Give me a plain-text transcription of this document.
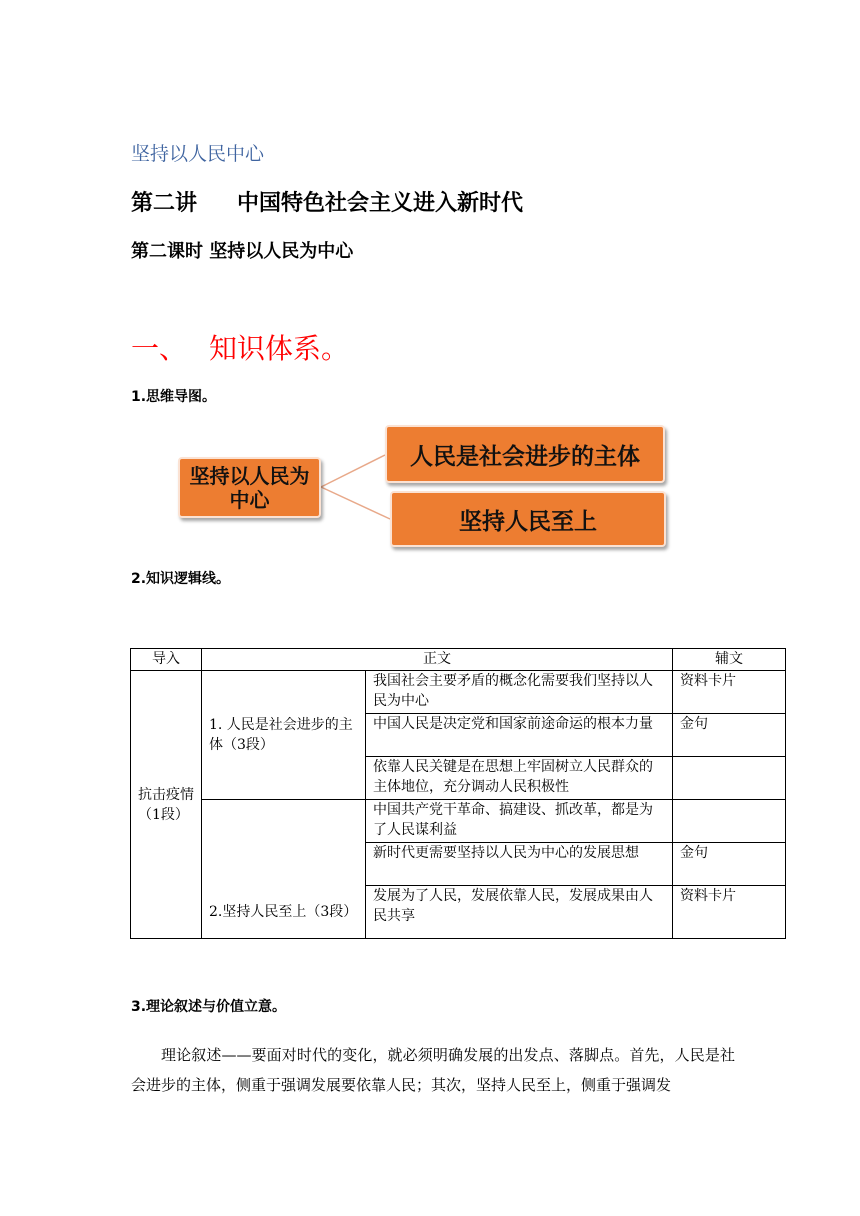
坚持以人民中心
第二讲 中国特色社会主义进入新时代
第二课时 坚持以人民为中心
一、 知识体系。
1.思维导图。
坚持以人民为中心
人民是社会进步的主体
坚持人民至上
2.知识逻辑线。
导入	正文		辅文
抗击疫情（1段）	1. 人民是社会进步的主体（3段）	我国社会主要矛盾的概念化需要我们坚持以人民为中心	资料卡片
		中国人民是决定党和国家前途命运的根本力量	金句
		依靠人民关键是在思想上牢固树立人民群众的主体地位，充分调动人民积极性	
	2.坚持人民至上（3段）	中国共产党干革命、搞建设、抓改革，都是为了人民谋利益	
		新时代更需要坚持以人民为中心的发展思想	金句
		发展为了人民，发展依靠人民，发展成果由人民共享	资料卡片
3.理论叙述与价值立意。
理论叙述——要面对时代的变化，就必须明确发展的出发点、落脚点。首先，人民是社会进步的主体，侧重于强调发展要依靠人民；其次，坚持人民至上，侧重于强调发
